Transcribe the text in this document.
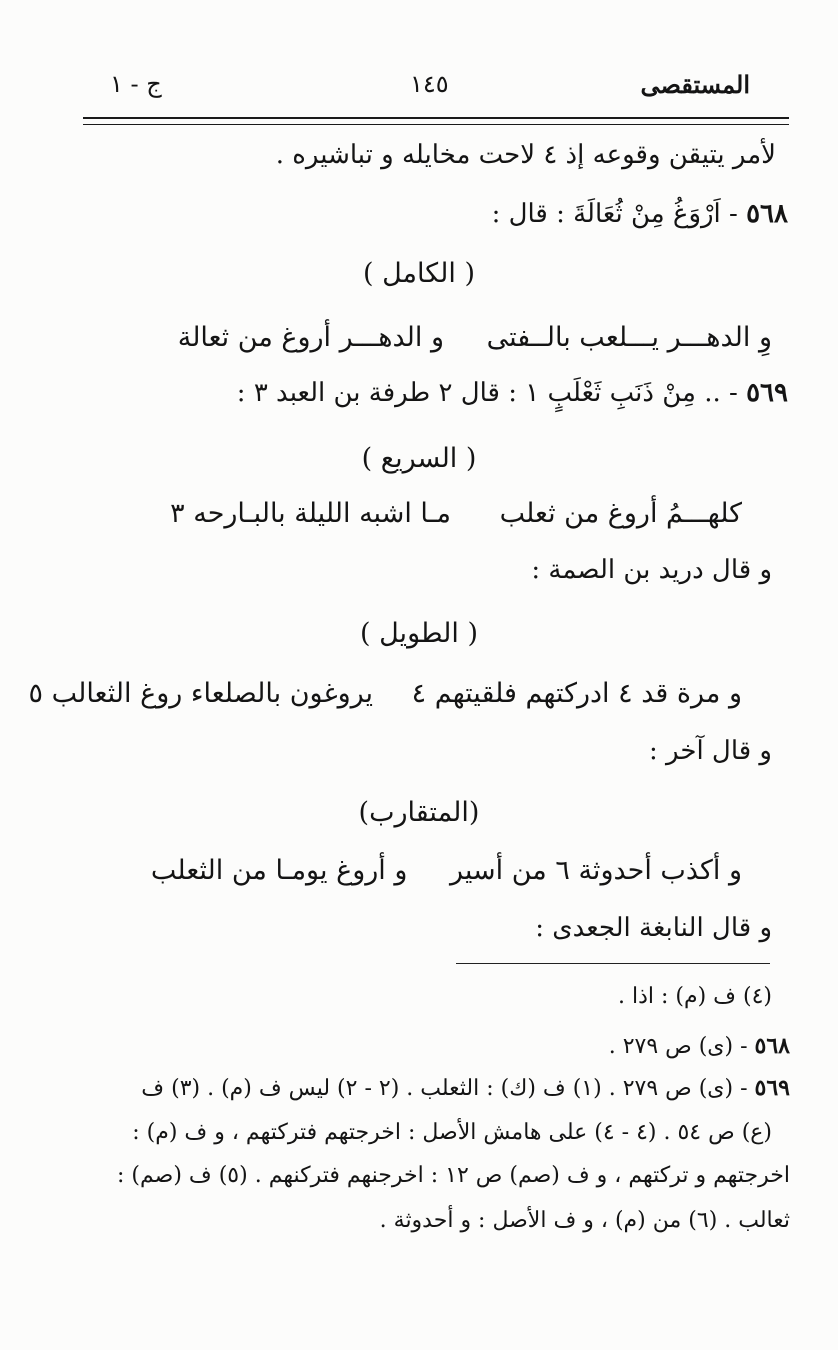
المستقصى
١٤٥
ج - ١
لأمر يتيقن وقوعه إذ ٤ لاحت مخايله و تباشيره .
٥٦٨ - اَرْوَغُ مِنْ ثُعَالَةَ : قال :
( الكامل )
وِ الدهـــر يـــلعب بالــفتى و الدهـــر أروغ من ثعالة
٥٦٩ - .. مِنْ ذَنَبِ ثَعْلَبٍ ١ : قال ٢ طرفة بن العبد ٣ :
( السريع )
كلهـــمُ أروغ من ثعلب مـا اشبه الليلة بالبـارحه ٣
و قال دريد بن الصمة :
( الطويل )
و مرة قد ٤ ادركتهم فلقيتهم ٤ يروغون بالصلعاء روغ الثعالب ٥
و قال آخر :
(المتقارب)
و أكذب أحدوثة ٦ من أسير و أروغ يومـا من الثعلب
و قال النابغة الجعدى :
(٤) ف (م) : اذا .
٥٦٨ - (ى) ص ٢٧٩ .
٥٦٩ - (ى) ص ٢٧٩ . (١) ف (ك) : الثعلب . (٢ - ٢) ليس ف (م) . (٣) ف
(ع) ص ٥٤ . (٤ - ٤) على هامش الأصل : اخرجتهم فتركتهم ، و ف (م) :
اخرجتهم و تركتهم ، و ف (صم) ص ١٢ : اخرجنهم فتركنهم . (٥) ف (صم) :
ثعالب . (٦) من (م) ، و ف الأصل : و أحدوثة .
